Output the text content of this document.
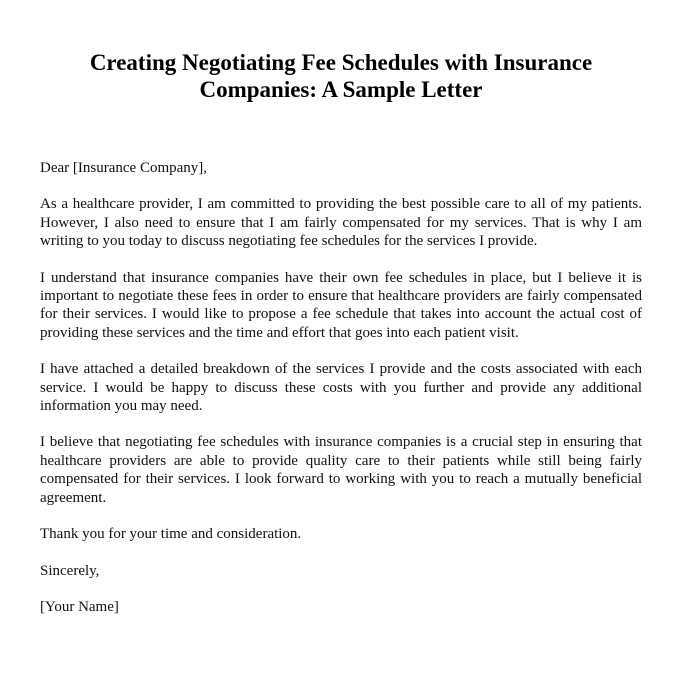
Creating Negotiating Fee Schedules with Insurance Companies: A Sample Letter

Dear [Insurance Company],

As a healthcare provider, I am committed to providing the best possible care to all of my patients. However, I also need to ensure that I am fairly compensated for my services. That is why I am writing to you today to discuss negotiating fee schedules for the services I provide.

I understand that insurance companies have their own fee schedules in place, but I believe it is important to negotiate these fees in order to ensure that healthcare providers are fairly compensated for their services. I would like to propose a fee schedule that takes into account the actual cost of providing these services and the time and effort that goes into each patient visit.

I have attached a detailed breakdown of the services I provide and the costs associated with each service. I would be happy to discuss these costs with you further and provide any additional information you may need.

I believe that negotiating fee schedules with insurance companies is a crucial step in ensuring that healthcare providers are able to provide quality care to their patients while still being fairly compensated for their services. I look forward to working with you to reach a mutually beneficial agreement.

Thank you for your time and consideration.

Sincerely,

[Your Name]
